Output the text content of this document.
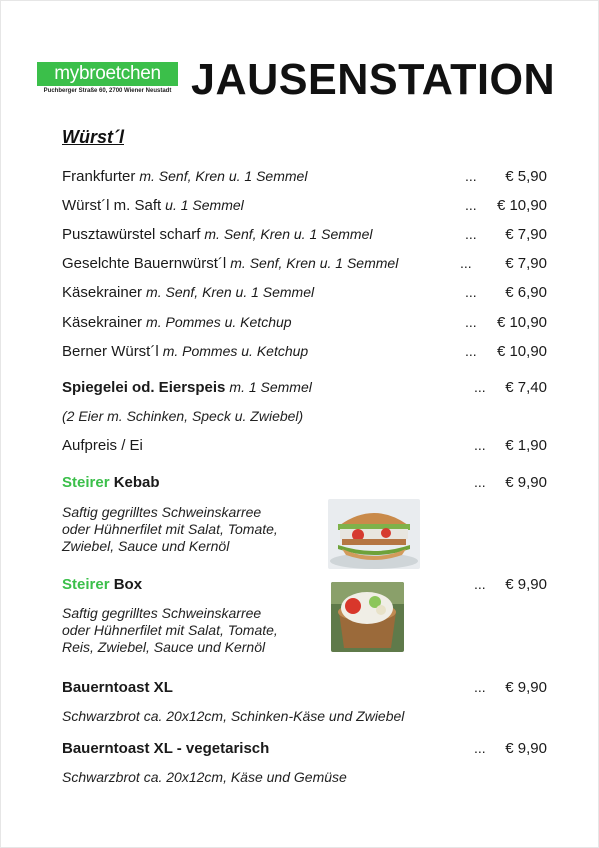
mybroetchen
Puchberger Straße 60, 2700 Wiener Neustadt JAUSENSTATION
Würst´l
Frankfurter m. Senf, Kren u. 1 Semmel	... € 5,90
Würst´l m. Saft u. 1 Semmel	... € 10,90
Pusztawürstel scharf m. Senf, Kren u. 1 Semmel	... € 7,90
Geselchte Bauernwürst´l m. Senf, Kren u. 1 Semmel	... € 7,90
Käsekrainer m. Senf, Kren u. 1 Semmel	... € 6,90
Käsekrainer m. Pommes u. Ketchup	... € 10,90
Berner Würst´l m. Pommes u. Ketchup	... € 10,90
Spiegelei od. Eierspeis m. 1 Semmel	... € 7,40
(2 Eier m. Schinken, Speck u. Zwiebel)
Aufpreis / Ei	... € 1,90
Steirer Kebab	... € 9,90
Saftig gegrilltes Schweinskarree
oder Hühnerfilet mit Salat, Tomate,
Zwiebel, Sauce und Kernöl
Steirer Box	... € 9,90
Saftig gegrilltes Schweinskarree
oder Hühnerfilet mit Salat, Tomate,
Reis, Zwiebel, Sauce und Kernöl
Bauerntoast XL	... € 9,90
Schwarzbrot ca. 20x12cm, Schinken-Käse und Zwiebel
Bauerntoast XL - vegetarisch	... € 9,90
Schwarzbrot ca. 20x12cm, Käse und Gemüse
